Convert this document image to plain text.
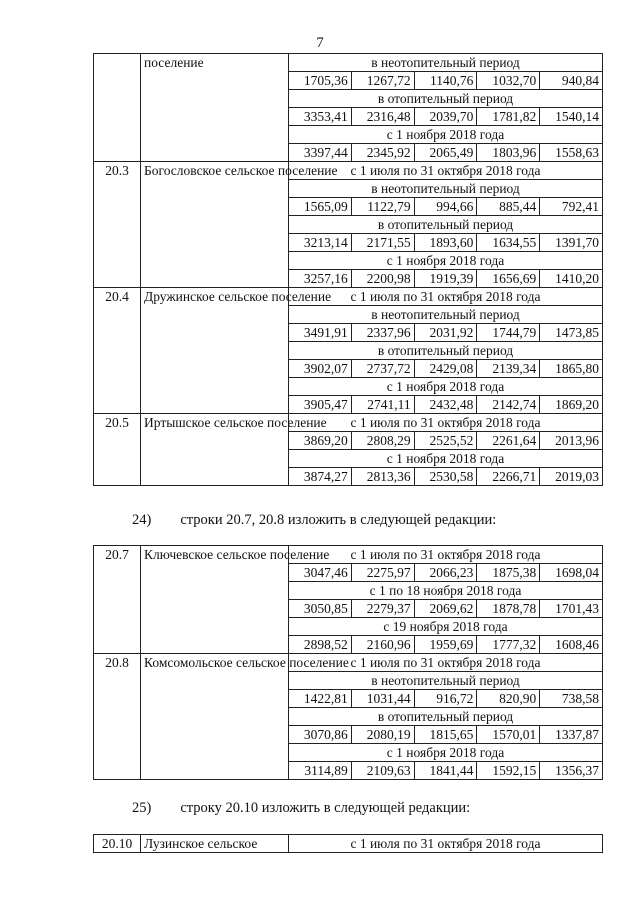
7
	поселение	в неотопительный период				
		1705,36	1267,72	1140,76	1032,70	940,84
		в отопительный период				
		3353,41	2316,48	2039,70	1781,82	1540,14
		с 1 ноября 2018 года				
		3397,44	2345,92	2065,49	1803,96	1558,63
20.3	Богословское сельское поселение	с 1 июля по 31 октября 2018 года				
		в неотопительный период				
		1565,09	1122,79	994,66	885,44	792,41
		в отопительный период				
		3213,14	2171,55	1893,60	1634,55	1391,70
		с 1 ноября 2018 года				
		3257,16	2200,98	1919,39	1656,69	1410,20
20.4	Дружинское сельское поселение	с 1 июля по 31 октября 2018 года				
		в неотопительный период				
		3491,91	2337,96	2031,92	1744,79	1473,85
		в отопительный период				
		3902,07	2737,72	2429,08	2139,34	1865,80
		с 1 ноября 2018 года				
		3905,47	2741,11	2432,48	2142,74	1869,20
20.5	Иртышское сельское поселение	с 1 июля по 31 октября 2018 года				
		3869,20	2808,29	2525,52	2261,64	2013,96
		с 1 ноября 2018 года				
		3874,27	2813,36	2530,58	2266,71	2019,03
24)  строки 20.7, 20.8 изложить в следующей редакции:
20.7	Ключевское сельское поселение	с 1 июля по 31 октября 2018 года				
		3047,46	2275,97	2066,23	1875,38	1698,04
		с 1 по 18 ноября 2018 года				
		3050,85	2279,37	2069,62	1878,78	1701,43
		с 19 ноября 2018 года				
		2898,52	2160,96	1959,69	1777,32	1608,46
20.8	Комсомольское сельское поселение	с 1 июля по 31 октября 2018 года				
		в неотопительный период				
		1422,81	1031,44	916,72	820,90	738,58
		в отопительный период				
		3070,86	2080,19	1815,65	1570,01	1337,87
		с 1 ноября 2018 года				
		3114,89	2109,63	1841,44	1592,15	1356,37
25)  строку 20.10 изложить в следующей редакции:
20.10	Лузинское сельское	с 1 июля по 31 октября 2018 года
